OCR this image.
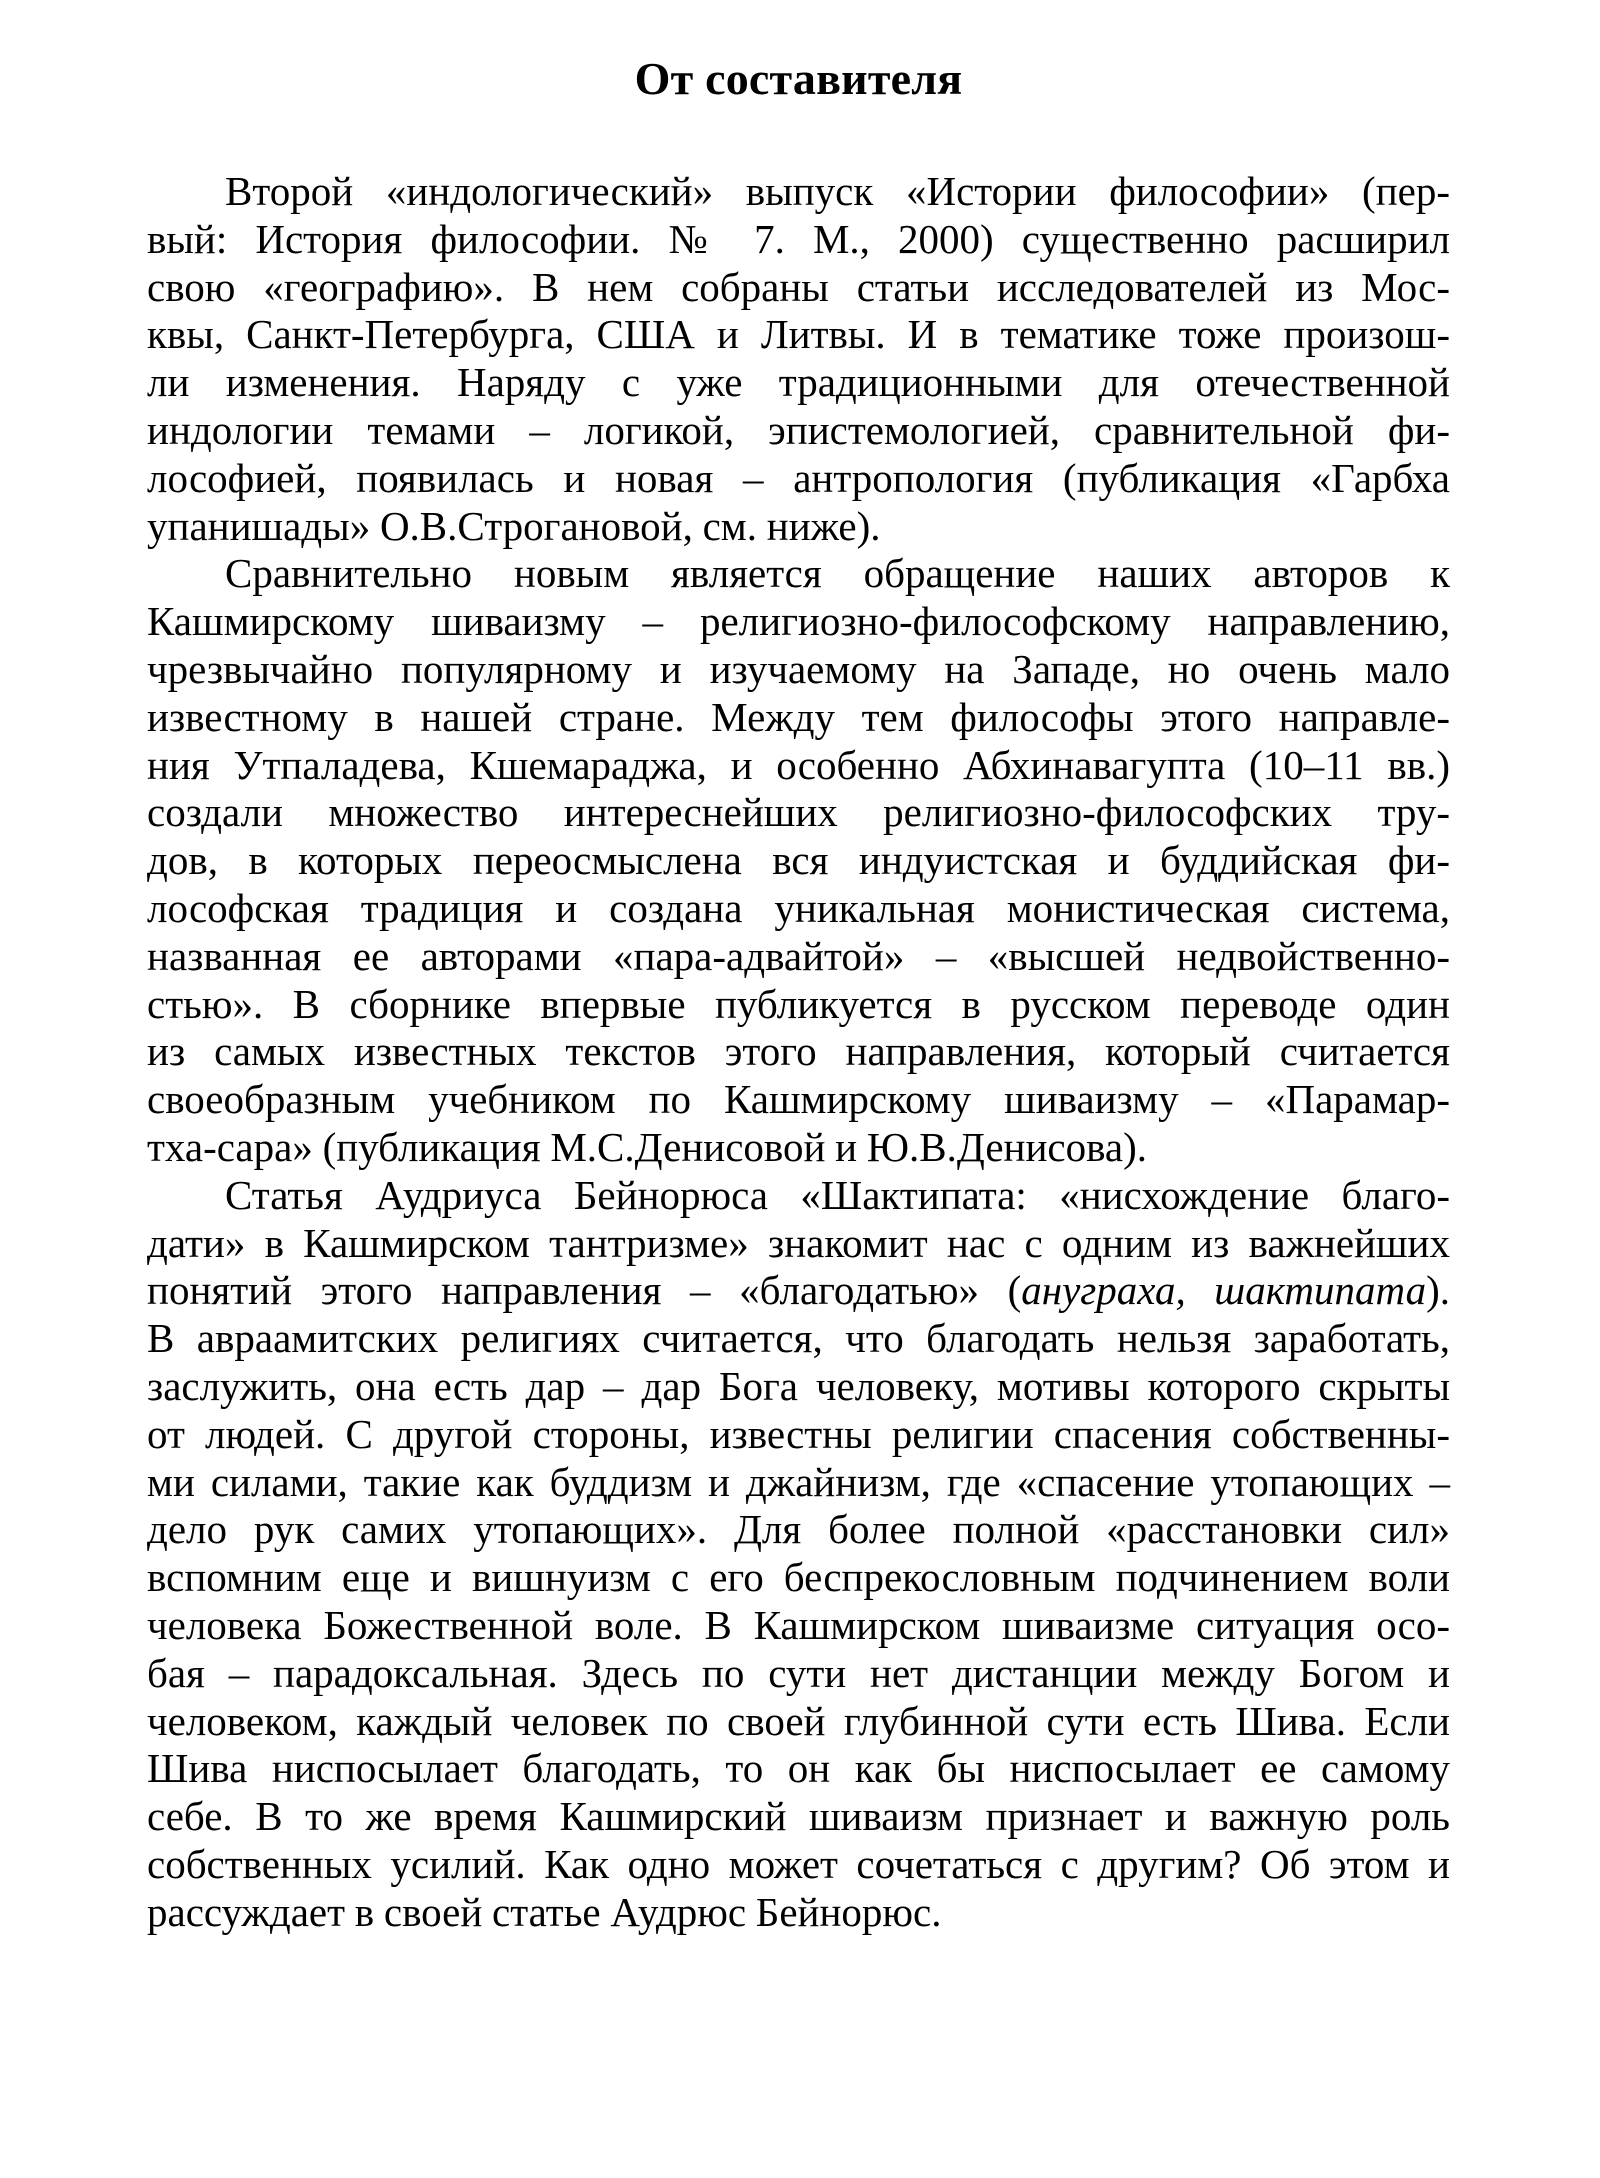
От составителя

Второй «индологический» выпуск «Истории философии» (пер-
вый: История философии. № 7. М., 2000) существенно расширил
свою «географию». В нем собраны статьи исследователей из Мос-
квы, Санкт-Петербурга, США и Литвы. И в тематике тоже произош-
ли изменения. Наряду с уже традиционными для отечественной
индологии темами – логикой, эпистемологией, сравнительной фи-
лософией, появилась и новая – антропология (публикация «Гарбха
упанишады» О.В.Строгановой, см. ниже).

Сравнительно новым является обращение наших авторов к
Кашмирскому шиваизму – религиозно-философскому направлению,
чрезвычайно популярному и изучаемому на Западе, но очень мало
известному в нашей стране. Между тем философы этого направле-
ния Утпаладева, Кшемараджа, и особенно Абхинавагупта (10–11 вв.)
создали множество интереснейших религиозно-философских тру-
дов, в которых переосмыслена вся индуистская и буддийская фи-
лософская традиция и создана уникальная монистическая система,
названная ее авторами «пара-адвайтой» – «высшей недвойственно-
стью». В сборнике впервые публикуется в русском переводе один
из самых известных текстов этого направления, который считается
своеобразным учебником по Кашмирскому шиваизму – «Парамар-
тха-сара» (публикация М.С.Денисовой и Ю.В.Денисова).

Статья Аудриуса Бейнорюса «Шактипата: «нисхождение благо-
дати» в Кашмирском тантризме» знакомит нас с одним из важнейших
понятий этого направления – «благодатью» (ануграха, шактипата).
В авраамитских религиях считается, что благодать нельзя заработать,
заслужить, она есть дар – дар Бога человеку, мотивы которого скрыты
от людей. С другой стороны, известны религии спасения собственны-
ми силами, такие как буддизм и джайнизм, где «спасение утопающих –
дело рук самих утопающих». Для более полной «расстановки сил»
вспомним еще и вишнуизм с его беспрекословным подчинением воли
человека Божественной воле. В Кашмирском шиваизме ситуация осо-
бая – парадоксальная. Здесь по сути нет дистанции между Богом и
человеком, каждый человек по своей глубинной сути есть Шива. Если
Шива ниспосылает благодать, то он как бы ниспосылает ее самому
себе. В то же время Кашмирский шиваизм признает и важную роль
собственных усилий. Как одно может сочетаться с другим? Об этом и
рассуждает в своей статье Аудрюс Бейнорюс.
